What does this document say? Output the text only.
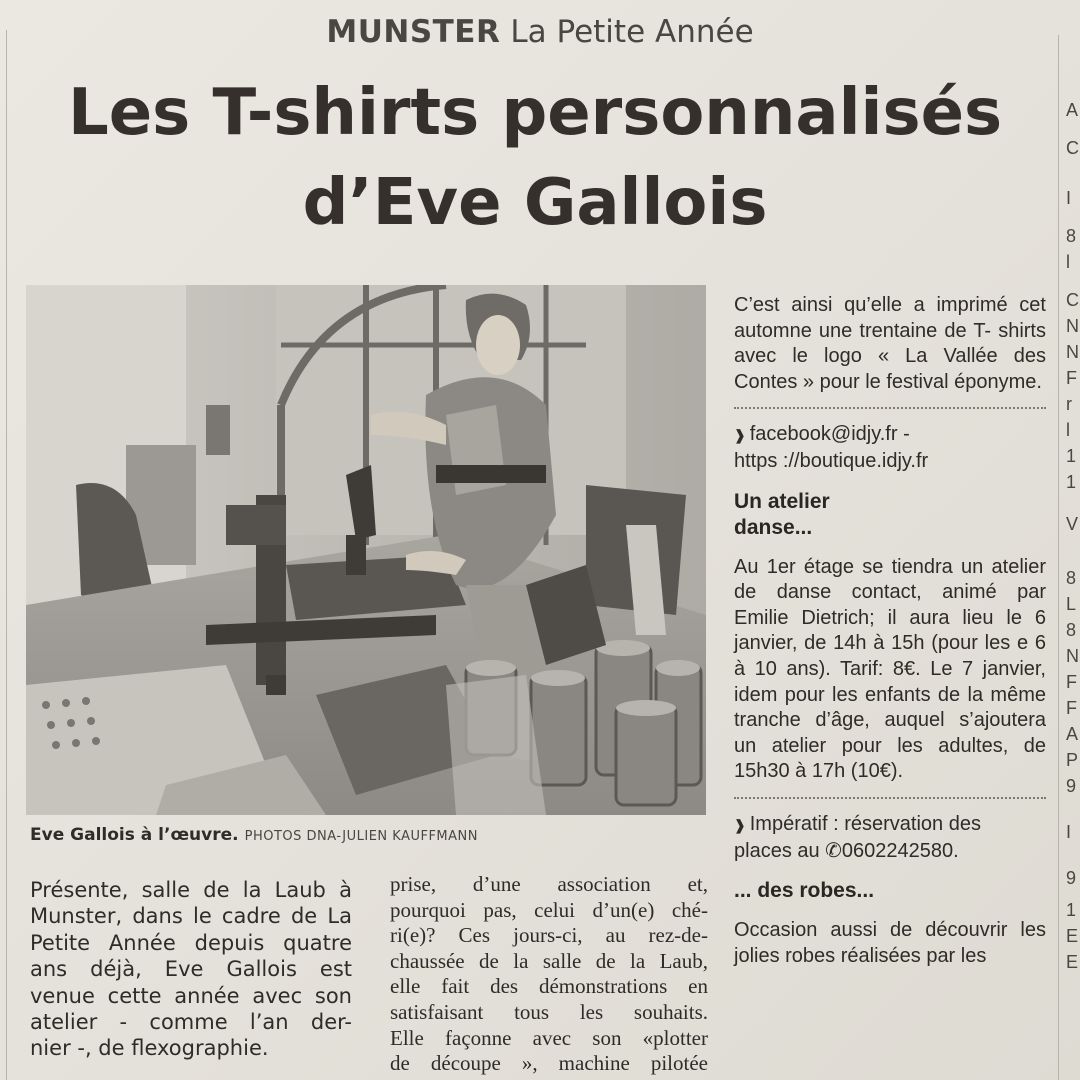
MUNSTER La Petite Année
Les T-shirts personnalisés
d’Eve Gallois
Eve Gallois à l’œuvre. PHOTOS DNA-JULIEN KAUFFMANN

C’est ainsi qu’elle a imprimé cet automne une trentaine de T- shirts avec le logo « La Vallée des Contes » pour le festival éponyme.

❱ facebook@idjy.fr -
https ://boutique.idjy.fr
Un atelier
danse...

Au 1er étage se tiendra un atelier de danse contact, animé par Emilie Dietrich; il aura lieu le 6 janvier, de 14h à 15h (pour les e 6 à 10 ans). Tarif: 8€. Le 7 janvier, idem pour les enfants de la même tranche d’âge, auquel s’ajoutera un atelier pour les adultes, de 15h30 à 17h (10€).

❱ Impératif : réservation des
places au ✆0602242580.
... des robes...

Occasion aussi de découvrir les jolies robes réalisées par les

Présente, salle de la Laub à
Munster, dans le cadre de La
Petite Année depuis quatre
ans déjà, Eve Gallois est
venue cette année avec son
atelier - comme l’an der-
nier -, de flexographie.
prise, d’une association et,
pourquoi pas, celui d’un(e) ché-
ri(e)? Ces jours-ci, au rez-de-
chaussée de la salle de la Laub,
elle fait des démonstrations en
satisfaisant tous les souhaits.
Elle façonne avec son «plotter
de découpe », machine pilotée
A
C
I
8
l
C
N
N
F
r
l
1
1
V
8
L
8
N
F
F
A
P
9
I
9
1
E
E
